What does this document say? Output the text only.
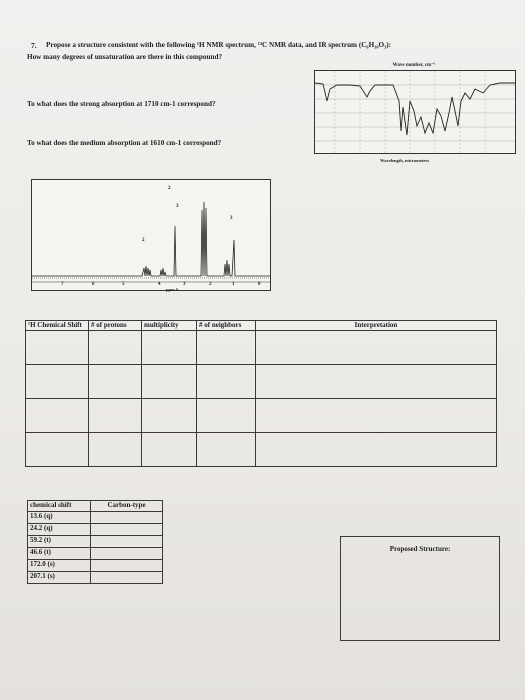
7. Propose a structure consistent with the following ¹H NMR spectrum, ¹³C NMR data, and IR spectrum (C₆H₁₀O₃):
How many degrees of unsaturation are there in this compound?
To what does the strong absorption at 1710 cm-1 correspond?
To what does the medium absorption at 1610 cm-1 correspond?
Wave number, cm⁻¹
Wavelength, micrometers
3
2
2
3
7	6	5	4	3	2	1	0
ppm δ
¹H Chemical Shift	# of protons	multiplicity	# of neighbors	Interpretation

chemical shift	Carbon-type
13.6 (q)	
24.2 (q)	
59.2 (t)	
46.6 (t)	
172.0 (s)	
207.1 (s)	
Proposed Structure:
